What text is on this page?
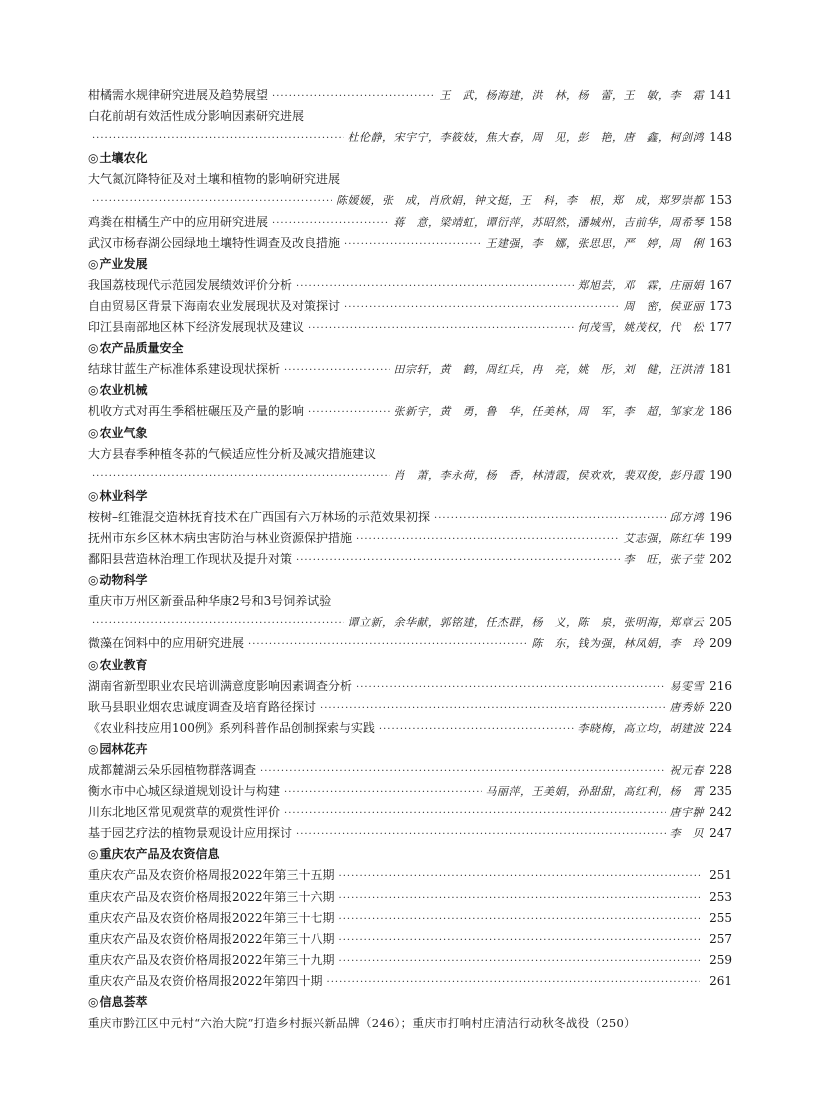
柑橘需水规律研究进展及趋势展望 ·····	王　武，杨海建，洪　林，杨　蕾，王　敏，李　霜 141
白花前胡有效活性成分影响因素研究进展
·····
杜伦静，宋宇宁，李筱妓，焦大春，周　见，彭　艳，唐　鑫，柯剑鸿 148
◎土壤农化
大气氮沉降特征及对土壤和植物的影响研究进展
·····
陈媛媛，张　成，肖欣娟，钟文挺，王　科，李　根，郑　成，郑罗崇都 153
鸡粪在柑橘生产中的应用研究进展 ·····	蒋　意，梁靖虹，谭衍萍，苏昭然，潘城州，吉前华，周希琴 158
武汉市杨春湖公园绿地土壤特性调查及改良措施 ·····	王建强，李　娜，张思思，严　婷，周　俐 163
◎产业发展
我国荔枝现代示范园发展绩效评价分析 ·····	郑旭芸，邓　霖，庄丽娟 167
自由贸易区背景下海南农业发展现状及对策探讨 ·····	周　密，侯亚丽 173
印江县南部地区林下经济发展现状及建议 ·····	何茂雪，姚茂权，代　松 177
◎农产品质量安全
结球甘蓝生产标准体系建设现状探析 ·····	田宗轩，黄　鹤，周红兵，冉　亮，姚　彤，刘　健，汪洪清 181
◎农业机械
机收方式对再生季稻桩碾压及产量的影响 ·····	张新宇，黄　勇，鲁　华，任美林，周　军，李　超，邹家龙 186
◎农业气象
大方县春季种植冬荪的气候适应性分析及减灾措施建议
·····
肖　萧，李永荷，杨　香，林清霞，侯欢欢，裴双俊，彭丹霞 190
◎林业科学
桉树–红锥混交造林抚育技术在广西国有六万林场的示范效果初探 ·····	邱方鸿 196
抚州市东乡区林木病虫害防治与林业资源保护措施 ·····	艾志强，陈红华 199
鄱阳县营造林治理工作现状及提升对策 ·····	李　旺，张子莹 202
◎动物科学
重庆市万州区新蚕品种华康2号和3号饲养试验
·····
谭立新，余华献，郭铭建，任杰群，杨　义，陈　泉，张明海，郑章云 205
微藻在饲料中的应用研究进展 ·····	陈　东，钱为强，林凤娟，李　玲 209
◎农业教育
湖南省新型职业农民培训满意度影响因素调查分析 ·····	易雯雪 216
耿马县职业烟农忠诚度调查及培育路径探讨 ·····	唐秀娇 220
《农业科技应用100例》系列科普作品创制探索与实践 ·····	李晓梅，高立均，胡建波 224
◎园林花卉
成都麓湖云朵乐园植物群落调查 ·····	祝元春 228
衡水市中心城区绿道规划设计与构建 ·····	马丽萍，王美娟，孙甜甜，高红利，杨　霄 235
川东北地区常见观赏草的观赏性评价 ·····	唐宇翀 242
基于园艺疗法的植物景观设计应用探讨 ·····	李　贝 247
◎重庆农产品及农资信息
重庆农产品及农资价格周报2022年第三十五期 ·····	251
重庆农产品及农资价格周报2022年第三十六期 ·····	253
重庆农产品及农资价格周报2022年第三十七期 ·····	255
重庆农产品及农资价格周报2022年第三十八期 ·····	257
重庆农产品及农资价格周报2022年第三十九期 ·····	259
重庆农产品及农资价格周报2022年第四十期 ·····	261
◎信息荟萃
重庆市黔江区中元村“六治大院”打造乡村振兴新品牌（246）；重庆市打响村庄清洁行动秋冬战役（250）
